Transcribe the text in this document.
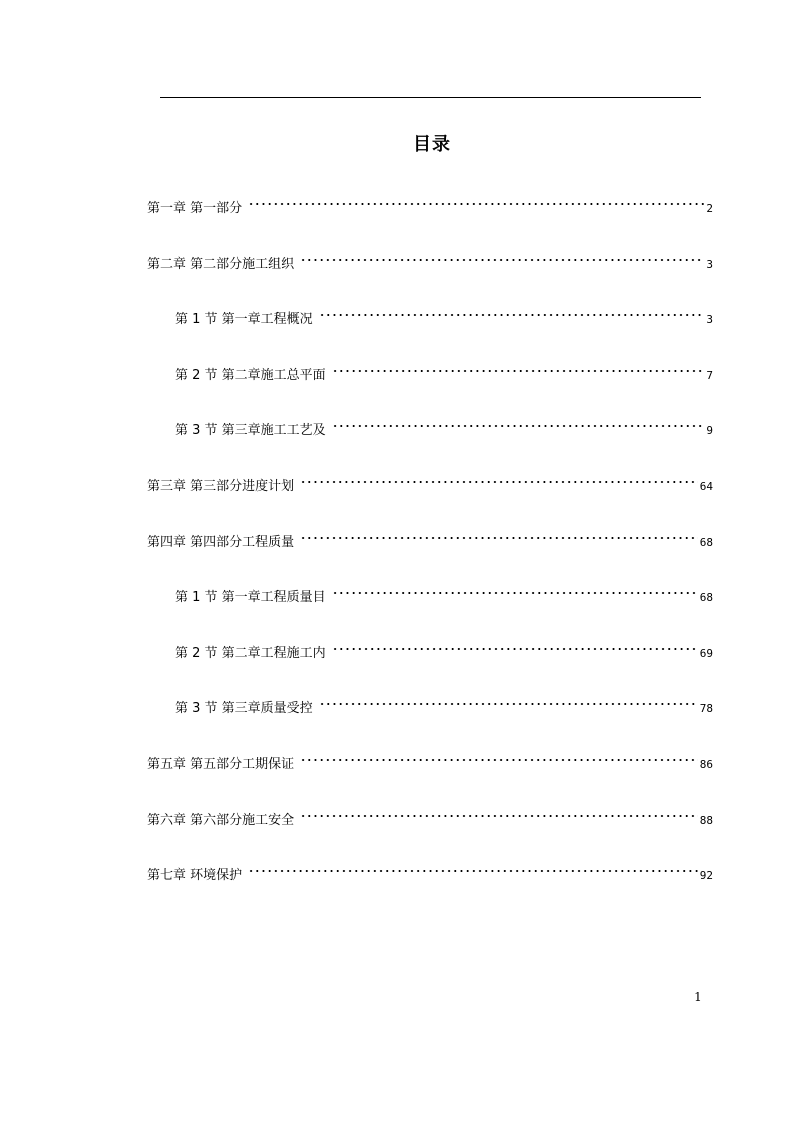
目录
第一章 第一部分	2
第二章 第二部分施工组织	3
第 1 节 第一章工程概况	3
第 2 节 第二章施工总平面	7
第 3 节 第三章施工工艺及	9
第三章 第三部分进度计划	64
第四章 第四部分工程质量	68
第 1 节 第一章工程质量目	68
第 2 节 第二章工程施工内	69
第 3 节 第三章质量受控	78
第五章 第五部分工期保证	86
第六章 第六部分施工安全	88
第七章 环境保护	92
1
